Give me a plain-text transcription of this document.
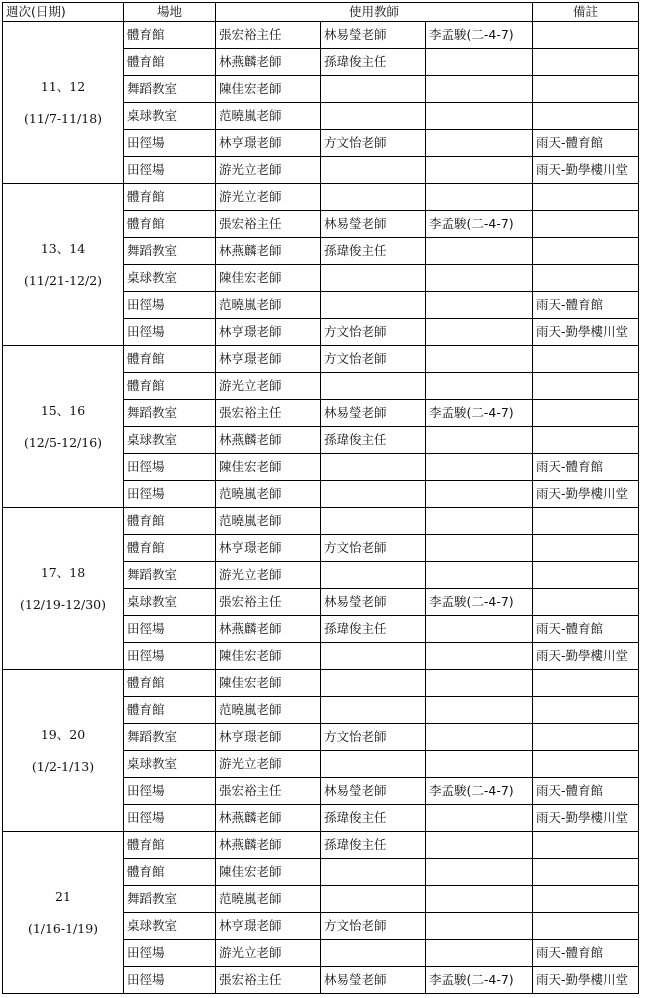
週次(日期)	場地	使用教師			備註

11、12
(11/7-11/18)	體育館	張宏裕主任	林易瑩老師	李孟駿(二-4-7)	
	體育館	林燕麟老師	孫瑋俊主任		
	舞蹈教室	陳佳宏老師			
	桌球教室	范曉嵐老師			
	田徑場	林亨璟老師	方文怡老師		雨天-體育館
	田徑場	游光立老師			雨天-勤學樓川堂

13、14
(11/21-12/2)	體育館	游光立老師			
	體育館	張宏裕主任	林易瑩老師	李孟駿(二-4-7)	
	舞蹈教室	林燕麟老師	孫瑋俊主任		
	桌球教室	陳佳宏老師			
	田徑場	范曉嵐老師			雨天-體育館
	田徑場	林亨璟老師	方文怡老師		雨天-勤學樓川堂

15、16
(12/5-12/16)	體育館	林亨璟老師	方文怡老師		
	體育館	游光立老師			
	舞蹈教室	張宏裕主任	林易瑩老師	李孟駿(二-4-7)	
	桌球教室	林燕麟老師	孫瑋俊主任		
	田徑場	陳佳宏老師			雨天-體育館
	田徑場	范曉嵐老師			雨天-勤學樓川堂

17、18
(12/19-12/30)	體育館	范曉嵐老師			
	體育館	林亨璟老師	方文怡老師		
	舞蹈教室	游光立老師			
	桌球教室	張宏裕主任	林易瑩老師	李孟駿(二-4-7)	
	田徑場	林燕麟老師	孫瑋俊主任		雨天-體育館
	田徑場	陳佳宏老師			雨天-勤學樓川堂

19、20
(1/2-1/13)	體育館	陳佳宏老師			
	體育館	范曉嵐老師			
	舞蹈教室	林亨璟老師	方文怡老師		
	桌球教室	游光立老師			
	田徑場	張宏裕主任	林易瑩老師	李孟駿(二-4-7)	雨天-體育館
	田徑場	林燕麟老師	孫瑋俊主任		雨天-勤學樓川堂

21
(1/16-1/19)	體育館	林燕麟老師	孫瑋俊主任		
	體育館	陳佳宏老師			
	舞蹈教室	范曉嵐老師			
	桌球教室	林亨璟老師	方文怡老師		
	田徑場	游光立老師			雨天-體育館
	田徑場	張宏裕主任	林易瑩老師	李孟駿(二-4-7)	雨天-勤學樓川堂
